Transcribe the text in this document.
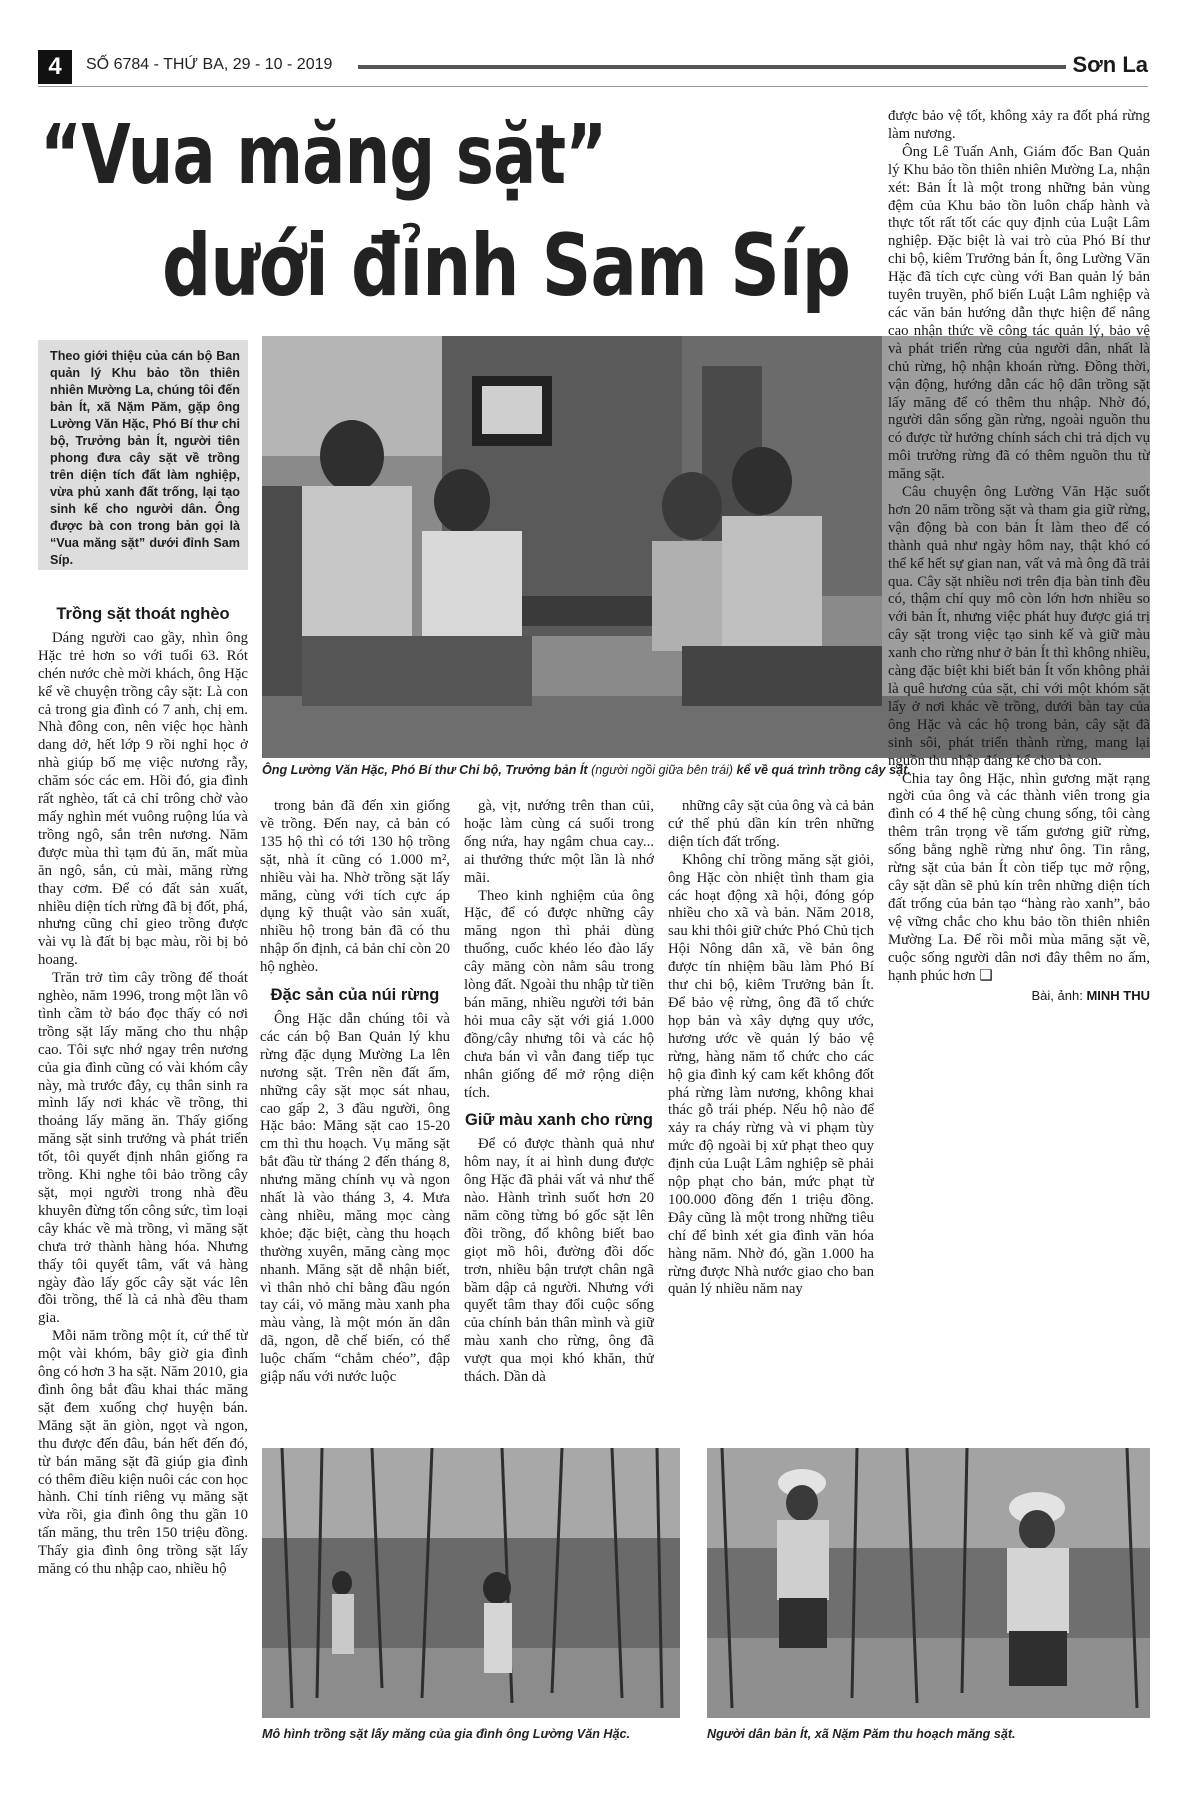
4	SỐ 6784 - THỨ BA, 29 - 10 - 2019	Sơn La
“Vua măng sặt”
dưới đỉnh Sam Síp
Theo giới thiệu của cán bộ Ban quản lý Khu bảo tồn thiên nhiên Mường La, chúng tôi đến bản Ít, xã Nặm Păm, gặp ông Lường Văn Hặc, Phó Bí thư chi bộ, Trưởng bản Ít, người tiên phong đưa cây sặt về trồng trên diện tích đất làm nghiệp, vừa phủ xanh đất trống, lại tạo sinh kế cho người dân. Ông được bà con trong bản gọi là “Vua măng sặt” dưới đỉnh Sam Síp.
Ông Lường Văn Hặc, Phó Bí thư Chi bộ, Trưởng bản Ít (người ngồi giữa bên trái) kể về quá trình trồng cây sặt.
Trồng sặt thoát nghèo

Dáng người cao gầy, nhìn ông Hặc trẻ hơn so với tuổi 63. Rót chén nước chè mời khách, ông Hặc kể về chuyện trồng cây sặt: Là con cả trong gia đình có 7 anh, chị em. Nhà đông con, nên việc học hành dang dở, hết lớp 9 rồi nghỉ học ở nhà giúp bố mẹ việc nương rẫy, chăm sóc các em. Hồi đó, gia đình rất nghèo, tất cả chỉ trông chờ vào mấy nghìn mét vuông ruộng lúa và trồng ngô, sắn trên nương. Năm được mùa thì tạm đủ ăn, mất mùa ăn ngô, sắn, củ mài, măng rừng thay cơm. Để có đất sản xuất, nhiều diện tích rừng đã bị đốt, phá, nhưng cũng chỉ gieo trồng được vài vụ là đất bị bạc màu, rồi bị bỏ hoang.

Trăn trở tìm cây trồng để thoát nghèo, năm 1996, trong một lần vô tình cầm tờ báo đọc thấy có nơi trồng sặt lấy măng cho thu nhập cao. Tôi sực nhớ ngay trên nương của gia đình cũng có vài khóm cây này, mà trước đây, cụ thân sinh ra mình lấy nơi khác về trồng, thi thoảng lấy măng ăn. Thấy giống măng sặt sinh trưởng và phát triển tốt, tôi quyết định nhân giống ra trồng. Khi nghe tôi bảo trồng cây sặt, mọi người trong nhà đều khuyên đừng tốn công sức, tìm loại cây khác về mà trồng, vì măng sặt chưa trở thành hàng hóa. Nhưng thấy tôi quyết tâm, vất vả hàng ngày đào lấy gốc cây sặt vác lên đồi trồng, thế là cả nhà đều tham gia.

Mỗi năm trồng một ít, cứ thế từ một vài khóm, bây giờ gia đình ông có hơn 3 ha sặt. Năm 2010, gia đình ông bắt đầu khai thác măng sặt đem xuống chợ huyện bán. Măng sặt ăn giòn, ngọt và ngon, thu được đến đâu, bán hết đến đó, từ bán măng sặt đã giúp gia đình có thêm điều kiện nuôi các con học hành. Chỉ tính riêng vụ măng sặt vừa rồi, gia đình ông thu gần 10 tấn măng, thu trên 150 triệu đồng. Thấy gia đình ông trồng sặt lấy măng có thu nhập cao, nhiều hộ

trong bản đã đến xin giống về trồng. Đến nay, cả bản có 135 hộ thì có tới 130 hộ trồng sặt, nhà ít cũng có 1.000 m², nhiều vài ha. Nhờ trồng sặt lấy măng, cùng với tích cực áp dụng kỹ thuật vào sản xuất, nhiều hộ trong bản đã có thu nhập ổn định, cả bản chỉ còn 20 hộ nghèo.

Đặc sản của núi rừng

Ông Hặc dẫn chúng tôi và các cán bộ Ban Quản lý khu rừng đặc dụng Mường La lên nương sặt. Trên nền đất ẩm, những cây sặt mọc sát nhau, cao gấp 2, 3 đầu người, ông Hặc bảo: Măng sặt cao 15-20 cm thì thu hoạch. Vụ măng sặt bắt đầu từ tháng 2 đến tháng 8, nhưng măng chính vụ và ngon nhất là vào tháng 3, 4. Mưa càng nhiều, măng mọc càng khỏe; đặc biệt, càng thu hoạch thường xuyên, măng càng mọc nhanh. Măng sặt dễ nhận biết, vì thân nhỏ chỉ bằng đầu ngón tay cái, vỏ măng màu xanh pha màu vàng, là một món ăn dân dã, ngon, dễ chế biến, có thể luộc chấm “chẳm chéo”, đập giập nấu với nước luộc

gà, vịt, nướng trên than củi, hoặc làm cùng cá suối trong ống nứa, hay ngâm chua cay... ai thưởng thức một lần là nhớ mãi.

Theo kinh nghiệm của ông Hặc, để có được những cây măng ngon thì phải dùng thuổng, cuốc khéo léo đào lấy cây măng còn nằm sâu trong lòng đất. Ngoài thu nhập từ tiền bán măng, nhiều người tới bản hỏi mua cây sặt với giá 1.000 đồng/cây nhưng tôi và các hộ chưa bán vì vẫn đang tiếp tục nhân giống để mở rộng diện tích.

Giữ màu xanh cho rừng

Để có được thành quả như hôm nay, ít ai hình dung được ông Hặc đã phải vất vả như thế nào. Hành trình suốt hơn 20 năm cõng từng bó gốc sặt lên đồi trồng, đổ không biết bao giọt mồ hôi, đường đồi dốc trơn, nhiều bận trượt chân ngã bầm dập cả người. Nhưng với quyết tâm thay đổi cuộc sống của chính bản thân mình và giữ màu xanh cho rừng, ông đã vượt qua mọi khó khăn, thử thách. Dần dà

những cây sặt của ông và cả bản cứ thế phủ dần kín trên những diện tích đất trống.

Không chỉ trồng măng sặt giỏi, ông Hặc còn nhiệt tình tham gia các hoạt động xã hội, đóng góp nhiều cho xã và bản. Năm 2018, sau khi thôi giữ chức Phó Chủ tịch Hội Nông dân xã, về bản ông được tín nhiệm bầu làm Phó Bí thư chi bộ, kiêm Trưởng bản Ít. Để bảo vệ rừng, ông đã tổ chức họp bản và xây dựng quy ước, hương ước về quản lý bảo vệ rừng, hàng năm tổ chức cho các hộ gia đình ký cam kết không đốt phá rừng làm nương, không khai thác gỗ trái phép. Nếu hộ nào để xảy ra cháy rừng và vi phạm tùy mức độ ngoài bị xử phạt theo quy định của Luật Lâm nghiệp sẽ phải nộp phạt cho bản, mức phạt từ 100.000 đồng đến 1 triệu đồng. Đây cũng là một trong những tiêu chí để bình xét gia đình văn hóa hàng năm. Nhờ đó, gần 1.000 ha rừng được Nhà nước giao cho ban quản lý nhiều năm nay

được bảo vệ tốt, không xảy ra đốt phá rừng làm nương.

Ông Lê Tuấn Anh, Giám đốc Ban Quản lý Khu bảo tồn thiên nhiên Mường La, nhận xét: Bản Ít là một trong những bản vùng đệm của Khu bảo tồn luôn chấp hành và thực tốt rất tốt các quy định của Luật Lâm nghiệp. Đặc biệt là vai trò của Phó Bí thư chi bộ, kiêm Trưởng bản Ít, ông Lường Văn Hặc đã tích cực cùng với Ban quản lý bản tuyên truyền, phổ biến Luật Lâm nghiệp và các văn bản hướng dẫn thực hiện để nâng cao nhận thức về công tác quản lý, bảo vệ và phát triển rừng của người dân, nhất là chủ rừng, hộ nhận khoán rừng. Đồng thời, vận động, hướng dẫn các hộ dân trồng sặt lấy măng để có thêm thu nhập. Nhờ đó, người dân sống gần rừng, ngoài nguồn thu có được từ hưởng chính sách chi trả dịch vụ môi trường rừng đã có thêm nguồn thu từ măng sặt.

Câu chuyện ông Lường Văn Hặc suốt hơn 20 năm trồng sặt và tham gia giữ rừng, vận động bà con bản Ít làm theo để có thành quả như ngày hôm nay, thật khó có thể kể hết sự gian nan, vất vả mà ông đã trải qua. Cây sặt nhiều nơi trên địa bàn tỉnh đều có, thậm chí quy mô còn lớn hơn nhiều so với bản Ít, nhưng việc phát huy được giá trị cây sặt trong việc tạo sinh kế và giữ màu xanh cho rừng như ở bản Ít thì không nhiều, càng đặc biệt khi biết bản Ít vốn không phải là quê hương của sặt, chỉ với một khóm sặt lấy ở nơi khác về trồng, dưới bàn tay của ông Hặc và các hộ trong bản, cây sặt đã sinh sôi, phát triển thành rừng, mang lại nguồn thu nhập đáng kể cho bà con.

Chia tay ông Hặc, nhìn gương mặt rạng ngời của ông và các thành viên trong gia đình có 4 thế hệ cùng chung sống, tôi càng thêm trân trọng về tấm gương giữ rừng, sống bằng nghề rừng như ông. Tin rằng, rừng sặt của bản Ít còn tiếp tục mở rộng, cây sặt dần sẽ phủ kín trên những diện tích đất trống của bản tạo “hàng rào xanh”, bảo vệ vững chắc cho khu bảo tồn thiên nhiên Mường La. Để rồi mỗi mùa măng sặt về, cuộc sống người dân nơi đây thêm no ấm, hạnh phúc hơn ❑

Bài, ảnh: MINH THU
Mô hình trồng sặt lấy măng của gia đình ông Lường Văn Hặc.	Người dân bản Ít, xã Nặm Păm thu hoạch măng sặt.
